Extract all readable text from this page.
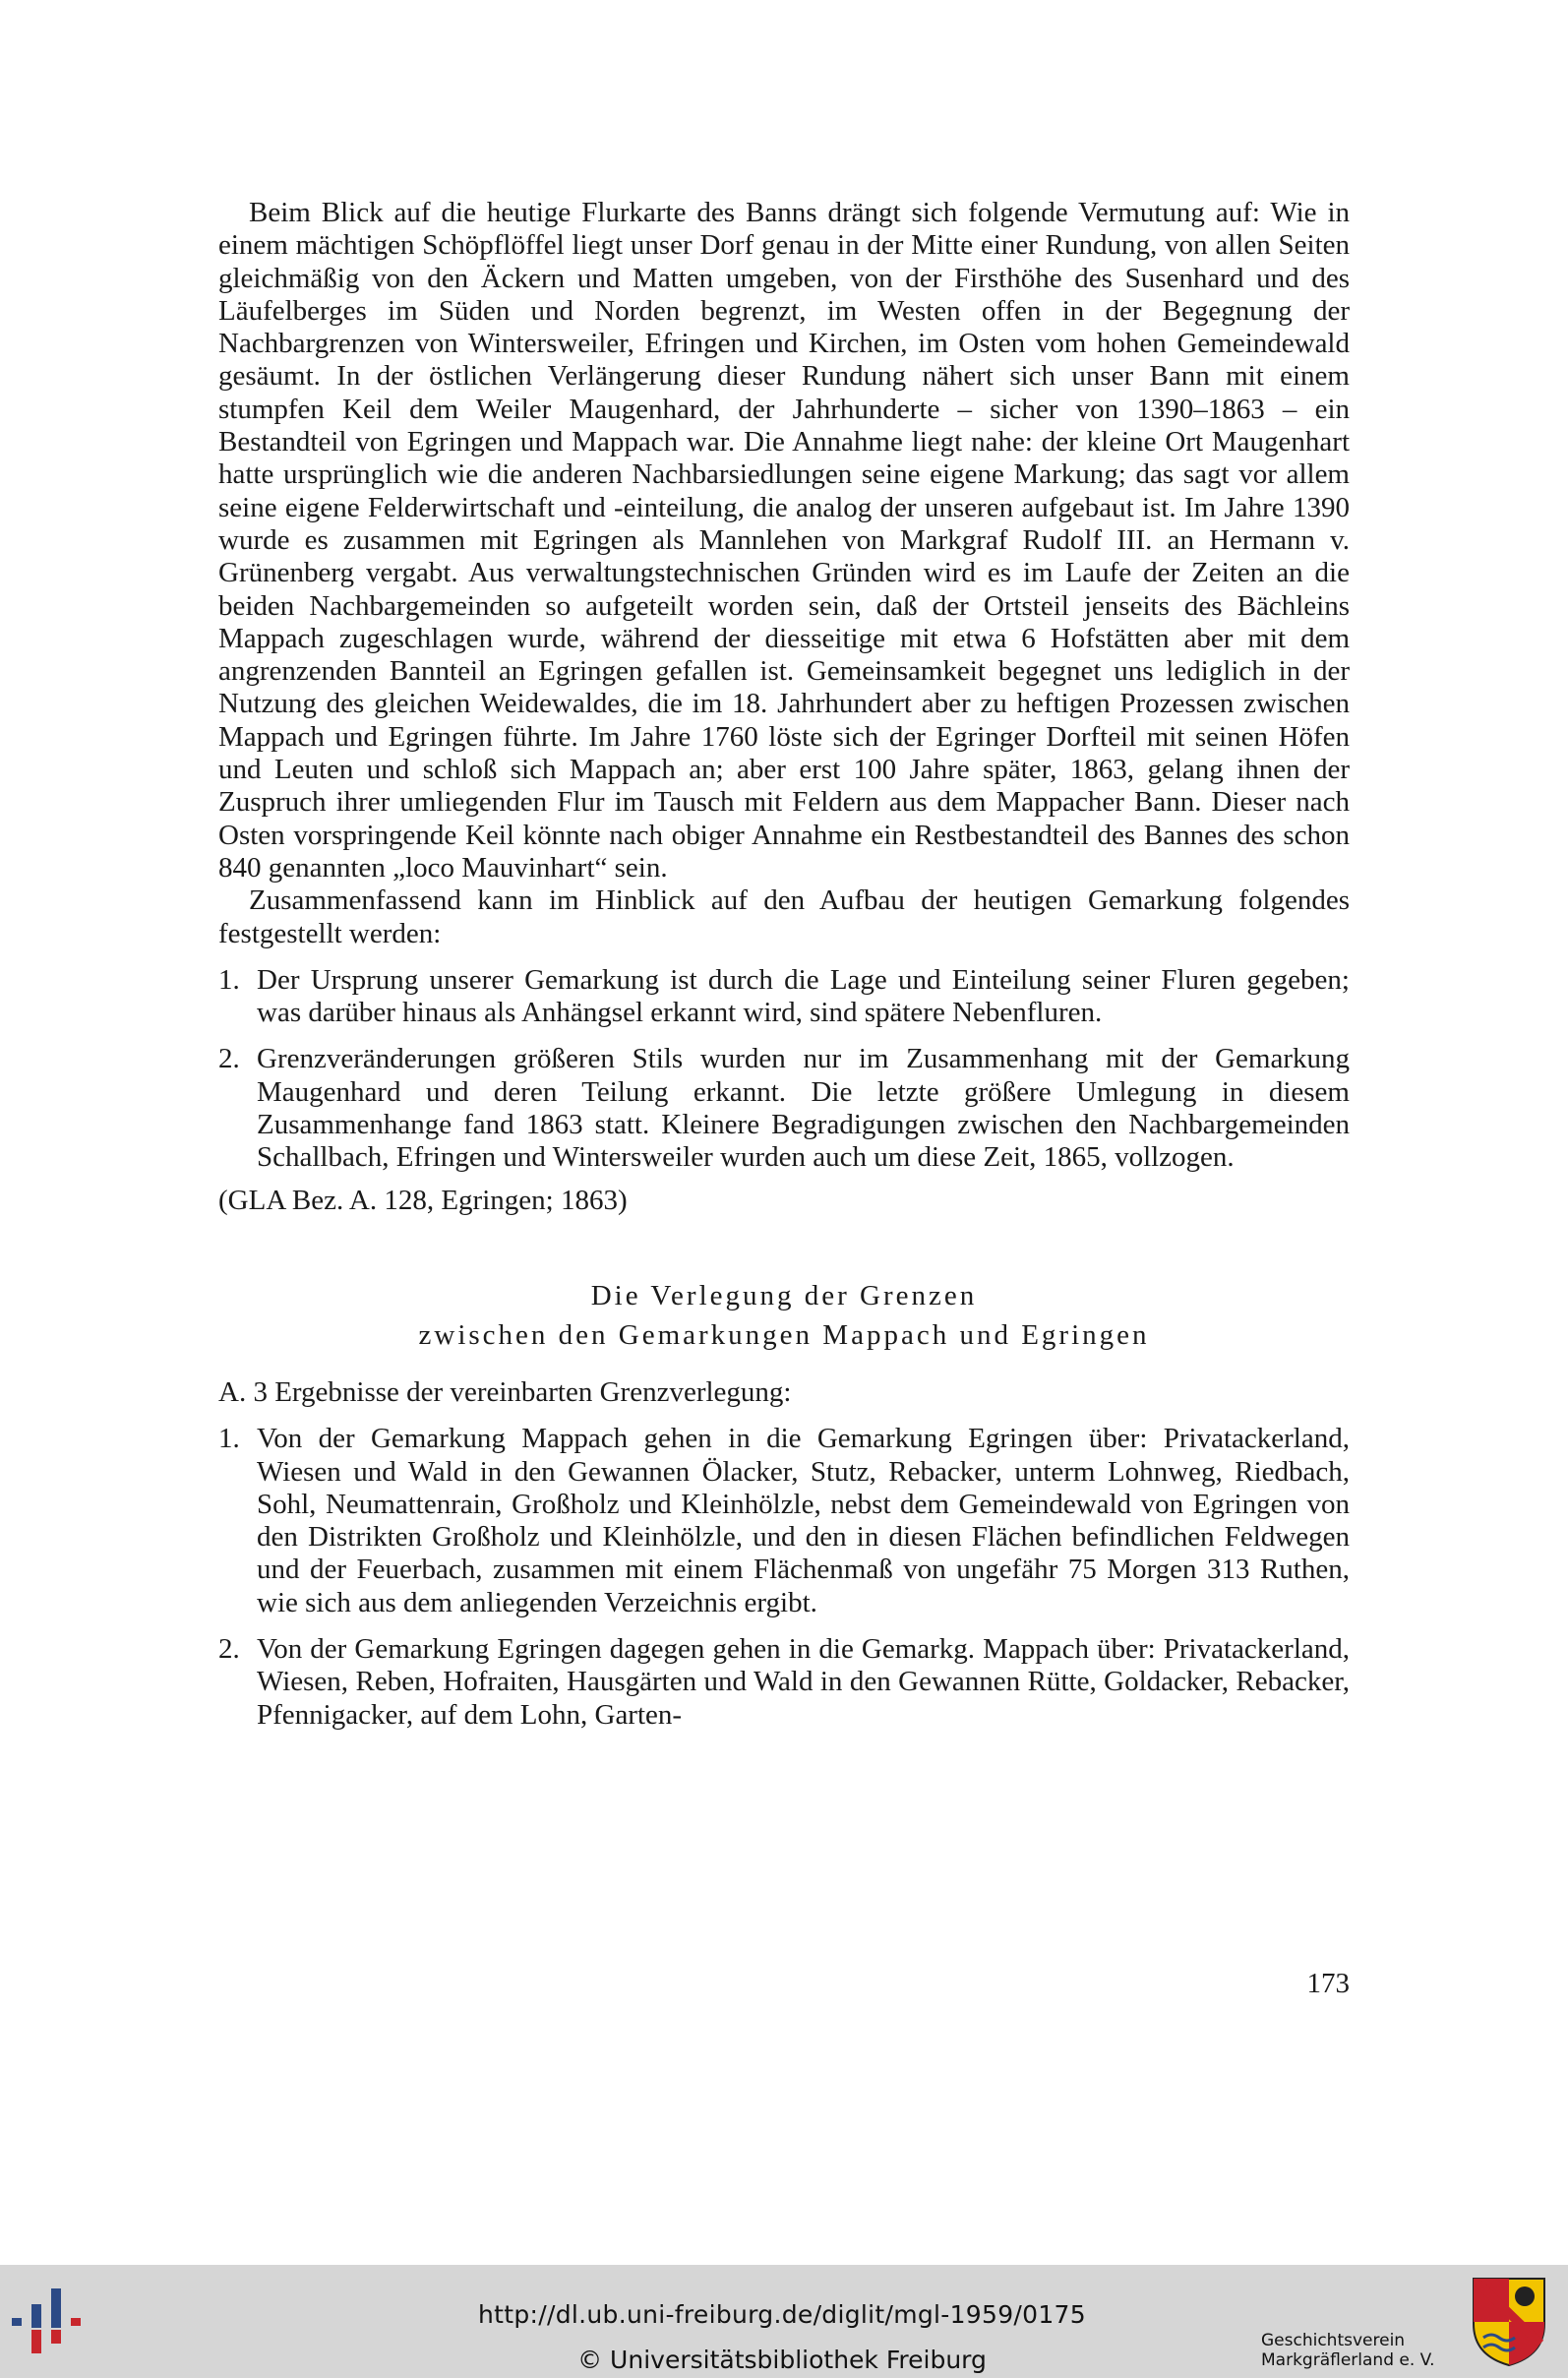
Beim Blick auf die heutige Flurkarte des Banns drängt sich folgende Vermutung auf: Wie in einem mächtigen Schöpflöffel liegt unser Dorf genau in der Mitte einer Rundung, von allen Seiten gleichmäßig von den Äckern und Matten umgeben, von der Firsthöhe des Susenhard und des Läufelberges im Süden und Norden begrenzt, im Westen offen in der Begegnung der Nachbargrenzen von Wintersweiler, Efringen und Kirchen, im Osten vom hohen Gemeindewald gesäumt. In der östlichen Verlängerung dieser Rundung nähert sich unser Bann mit einem stumpfen Keil dem Weiler Maugenhard, der Jahrhunderte – sicher von 1390–1863 – ein Bestandteil von Egringen und Mappach war. Die Annahme liegt nahe: der kleine Ort Maugenhart hatte ursprünglich wie die anderen Nachbarsiedlungen seine eigene Markung; das sagt vor allem seine eigene Felderwirtschaft und -einteilung, die analog der unseren aufgebaut ist. Im Jahre 1390 wurde es zusammen mit Egringen als Mannlehen von Markgraf Rudolf III. an Hermann v. Grünenberg vergabt. Aus verwaltungstechnischen Gründen wird es im Laufe der Zeiten an die beiden Nachbargemeinden so aufgeteilt worden sein, daß der Ortsteil jenseits des Bächleins Mappach zugeschlagen wurde, während der diesseitige mit etwa 6 Hofstätten aber mit dem angrenzenden Bannteil an Egringen gefallen ist. Gemeinsamkeit begegnet uns lediglich in der Nutzung des gleichen Weidewaldes, die im 18. Jahrhundert aber zu heftigen Prozessen zwischen Mappach und Egringen führte. Im Jahre 1760 löste sich der Egringer Dorfteil mit seinen Höfen und Leuten und schloß sich Mappach an; aber erst 100 Jahre später, 1863, gelang ihnen der Zuspruch ihrer umliegenden Flur im Tausch mit Feldern aus dem Mappacher Bann. Dieser nach Osten vorspringende Keil könnte nach obiger Annahme ein Restbestandteil des Bannes des schon 840 genannten „loco Mauvinhart“ sein.

Zusammenfassend kann im Hinblick auf den Aufbau der heutigen Gemarkung folgendes festgestellt werden:

1. Der Ursprung unserer Gemarkung ist durch die Lage und Einteilung seiner Fluren gegeben; was darüber hinaus als Anhängsel erkannt wird, sind spätere Nebenfluren.
2. Grenzveränderungen größeren Stils wurden nur im Zusammenhang mit der Gemarkung Maugenhard und deren Teilung erkannt. Die letzte größere Umlegung in diesem Zusammenhange fand 1863 statt. Kleinere Begradigungen zwischen den Nachbargemeinden Schallbach, Efringen und Wintersweiler wurden auch um diese Zeit, 1865, vollzogen.
(GLA Bez. A. 128, Egringen; 1863)
Die Verlegung der Grenzen
zwischen den Gemarkungen Mappach und Egringen
A. 3 Ergebnisse der vereinbarten Grenzverlegung:
1. Von der Gemarkung Mappach gehen in die Gemarkung Egringen über: Privatackerland, Wiesen und Wald in den Gewannen Ölacker, Stutz, Rebacker, unterm Lohnweg, Riedbach, Sohl, Neumattenrain, Großholz und Kleinhölzle, nebst dem Gemeindewald von Egringen von den Distrikten Großholz und Kleinhölzle, und den in diesen Flächen befindlichen Feldwegen und der Feuerbach, zusammen mit einem Flächenmaß von ungefähr 75 Morgen 313 Ruthen, wie sich aus dem anliegenden Verzeichnis ergibt.
2. Von der Gemarkung Egringen dagegen gehen in die Gemarkg. Mappach über: Privatackerland, Wiesen, Reben, Hofraiten, Hausgärten und Wald in den Gewannen Rütte, Goldacker, Rebacker, Pfennigacker, auf dem Lohn, Garten-
173
http://dl.ub.uni-freiburg.de/diglit/mgl-1959/0175
© Universitätsbibliothek Freiburg
Geschichtsverein
Markgräflerland e. V.
